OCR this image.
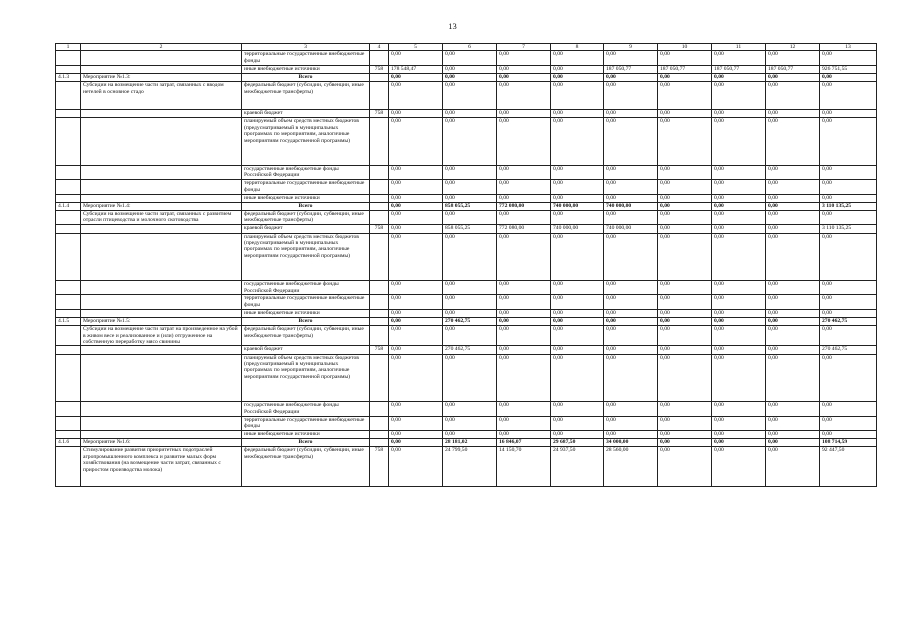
13
1	2	3	4	5	6	7	8	9	10	11	12	13
		территориальные государственные внебюджетные фонды		0,00	0,00	0,00	0,00	0,00	0,00	0,00	0,00	0,00
		иные внебюджетные источники	758	178 548,47	0,00	0,00	0,00	187 050,77	187 050,77	187 050,77	187 050,77	926 751,55
4.1.3	Мероприятие №1.3:	Всего		0,00	0,00	0,00	0,00	0,00	0,00	0,00	0,00	0,00
	Субсидии на возмещение части затрат, связанных с вводом нетелей в основное стадо	федеральный бюджет (субсидии, субвенции, иные межбюджетные трансферты)		0,00	0,00	0,00	0,00	0,00	0,00	0,00	0,00	0,00
		краевой бюджет	758	0,00	0,00	0,00	0,00	0,00	0,00	0,00	0,00	0,00
		планируемый объем средств местных бюджетов (предусматриваемый в муниципальных программах по мероприятиям, аналогичные мероприятиям государственной программы)		0,00	0,00	0,00	0,00	0,00	0,00	0,00	0,00	0,00
		государственные внебюджетные фонды Российской Федерации		0,00	0,00	0,00	0,00	0,00	0,00	0,00	0,00	0,00
		территориальные государственные внебюджетные фонды		0,00	0,00	0,00	0,00	0,00	0,00	0,00	0,00	0,00
		иные внебюджетные источники		0,00	0,00	0,00	0,00	0,00	0,00	0,00	0,00	0,00
4.1.4	Мероприятие №1.4:	Всего		0,00	858 055,25	772 080,00	740 000,00	740 000,00	0,00	0,00	0,00	3 110 135,25
	Субсидии на возмещение части затрат, связанных с развитием отрасли птицеводства и молочного скотоводства	федеральный бюджет (субсидии, субвенции, иные межбюджетные трансферты)		0,00	0,00	0,00	0,00	0,00	0,00	0,00	0,00	0,00
		краевой бюджет	758	0,00	858 055,25	772 080,00	740 000,00	740 000,00	0,00	0,00	0,00	3 110 135,25
		планируемый объем средств местных бюджетов (предусматриваемый в муниципальных программах по мероприятиям, аналогичные мероприятиям государственной программы)		0,00	0,00	0,00	0,00	0,00	0,00	0,00	0,00	0,00
		государственные внебюджетные фонды Российской Федерации		0,00	0,00	0,00	0,00	0,00	0,00	0,00	0,00	0,00
		территориальные государственные внебюджетные фонды		0,00	0,00	0,00	0,00	0,00	0,00	0,00	0,00	0,00
		иные внебюджетные источники		0,00	0,00	0,00	0,00	0,00	0,00	0,00	0,00	0,00
4.1.5	Мероприятие №1.5:	Всего		0,00	270 462,75	0,00	0,00	0,00	0,00	0,00	0,00	270 462,75
	Субсидии на возмещение части затрат на произведенное на убой в живом весе и реализованное и (или) отгруженное на собственную переработку мясо свинины	федеральный бюджет (субсидии, субвенции, иные межбюджетные трансферты)		0,00	0,00	0,00	0,00	0,00	0,00	0,00	0,00	0,00
		краевой бюджет	758	0,00	270 462,75	0,00	0,00	0,00	0,00	0,00	0,00	270 462,75
		планируемый объем средств местных бюджетов (предусматриваемый в муниципальных программах по мероприятиям, аналогичные мероприятиям государственной программы)		0,00	0,00	0,00	0,00	0,00	0,00	0,00	0,00	0,00
		государственные внебюджетные фонды Российской Федерации		0,00	0,00	0,00	0,00	0,00	0,00	0,00	0,00	0,00
		территориальные государственные внебюджетные фонды		0,00	0,00	0,00	0,00	0,00	0,00	0,00	0,00	0,00
		иные внебюджетные источники		0,00	0,00	0,00	0,00	0,00	0,00	0,00	0,00	0,00
4.1.6	Мероприятие №1.6:	Всего		0,00	28 181,02	16 846,07	29 687,50	34 000,00	0,00	0,00	0,00	108 714,59
	Стимулирование развития приоритетных подотраслей агропромышленного комплекса и развитие малых форм хозяйствования (на возмещение части затрат, связанных с приростом производства молока)	федеральный бюджет (субсидии, субвенции, иные межбюджетные трансферты)	758	0,00	24 799,50	14 150,70	24 937,50	28 560,00	0,00	0,00	0,00	92 447,50
